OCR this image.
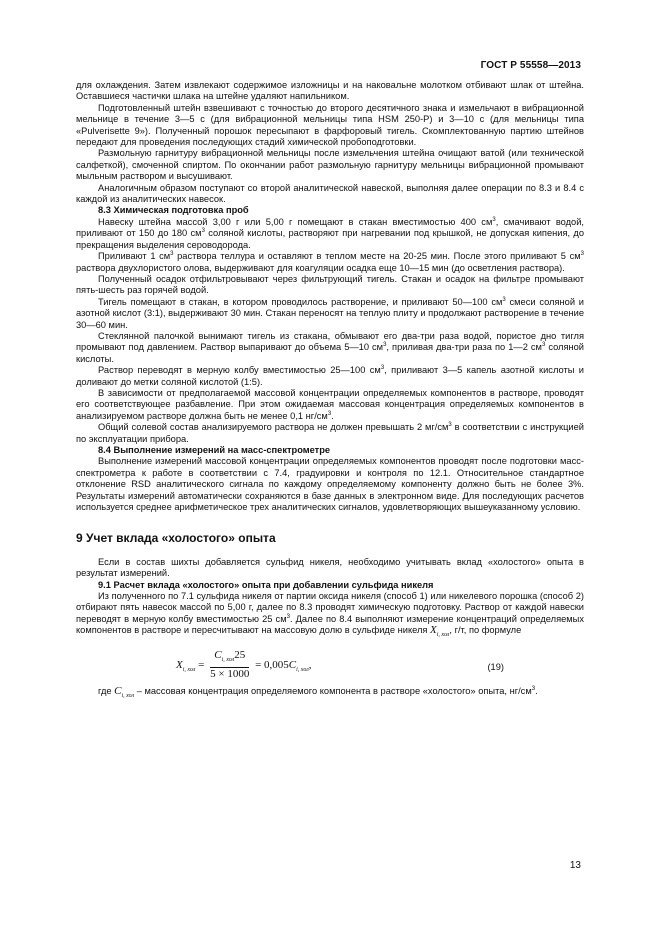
ГОСТ Р 55558—2013

для охлаждения. Затем извлекают содержимое изложницы и на наковальне молотком отбивают шлак от штейна. Оставшиеся частички шлака на штейне удаляют напильником.

Подготовленный штейн взвешивают с точностью до второго десятичного знака и измельчают в вибрационной мельнице в течение 3—5 с (для вибрационной мельницы типа HSM 250-P) и 3—10 с (для мельницы типа «Pulverisette 9»). Полученный порошок пересыпают в фарфоровый тигель. Скомплектованную партию штейнов передают для проведения последующих стадий химической пробоподготовки.

Размольную гарнитуру вибрационной мельницы после измельчения штейна очищают ватой (или технической салфеткой), смоченной спиртом. По окончании работ размольную гарнитуру мельницы вибрационной промывают мыльным раствором и высушивают.

Аналогичным образом поступают со второй аналитической навеской, выполняя далее операции по 8.3 и 8.4 с каждой из аналитических навесок.

8.3 Химическая подготовка проб

Навеску штейна массой 3,00 г или 5,00 г помещают в стакан вместимостью 400 $см^3$, смачивают водой, приливают от 150 до 180 $см^3$ соляной кислоты, растворяют при нагревании под крышкой, не допуская кипения, до прекращения выделения сероводорода.

Приливают 1 $см^3$ раствора теллура и оставляют в теплом месте на 20-25 мин. После этого приливают 5 $см^3$ раствора двухлористого олова, выдерживают для коагуляции осадка еще 10—15 мин (до осветления раствора).

Полученный осадок отфильтровывают через фильтрующий тигель. Стакан и осадок на фильтре промывают пять-шесть раз горячей водой.

Тигель помещают в стакан, в котором проводилось растворение, и приливают 50—100 $см^3$ смеси соляной и азотной кислот (3:1), выдерживают 30 мин. Стакан переносят на теплую плиту и продолжают растворение в течение 30—60 мин.

Стеклянной палочкой вынимают тигель из стакана, обмывают его два-три раза водой, пористое дно тигля промывают под давлением. Раствор выпаривают до объема 5—10 $см^3$, приливая два-три раза по 1—2 $см^3$ соляной кислоты.

Раствор переводят в мерную колбу вместимостью 25—100 $см^3$, приливают 3—5 капель азотной кислоты и доливают до метки соляной кислотой (1:5).

В зависимости от предполагаемой массовой концентрации определяемых компонентов в растворе, проводят его соответствующее разбавление. При этом ожидаемая массовая концентрация определяемых компонентов в анализируемом растворе должна быть не менее 0,1 $нг/см^3$.

Общий солевой состав анализируемого раствора не должен превышать 2 $мг/см^3$ в соответствии с инструкцией по эксплуатации прибора.

8.4 Выполнение измерений на масс-спектрометре

Выполнение измерений массовой концентрации определяемых компонентов проводят после подготовки масс-спектрометра к работе в соответствии с 7.4, градуировки и контроля по 12.1. Относительное стандартное отклонение RSD аналитического сигнала по каждому определяемому компоненту должно быть не более 3%. Результаты измерений автоматически сохраняются в базе данных в электронном виде. Для последующих расчетов используется среднее арифметическое трех аналитических сигналов, удовлетворяющих вышеуказанному условию.

9 Учет вклада «холостого» опыта

Если в состав шихты добавляется сульфид никеля, необходимо учитывать вклад «холостого» опыта в результат измерений.

9.1 Расчет вклада «холостого» опыта при добавлении сульфида никеля

Из полученного по 7.1 сульфида никеля от партии оксида никеля (способ 1) или никелевого порошка (способ 2) отбирают пять навесок массой по 5,00 г, далее по 8.3 проводят химическую подготовку. Раствор от каждой навески переводят в мерную колбу вместимостью 25 $см^3$. Далее по 8.4 выполняют измерение концентраций определяемых компонентов в растворе и пересчитывают на массовую долю в сульфиде никеля $X_{i, хол}$, г/т, по формуле

$X_{i, хол} = \frac{C_{i, хол}25}{5 \times 1000} = 0,005C_{i, хол}$,	(19)

где $C_{i, хол}$ – массовая концентрация определяемого компонента в растворе «холостого» опыта, $нг/см^3$.

13
